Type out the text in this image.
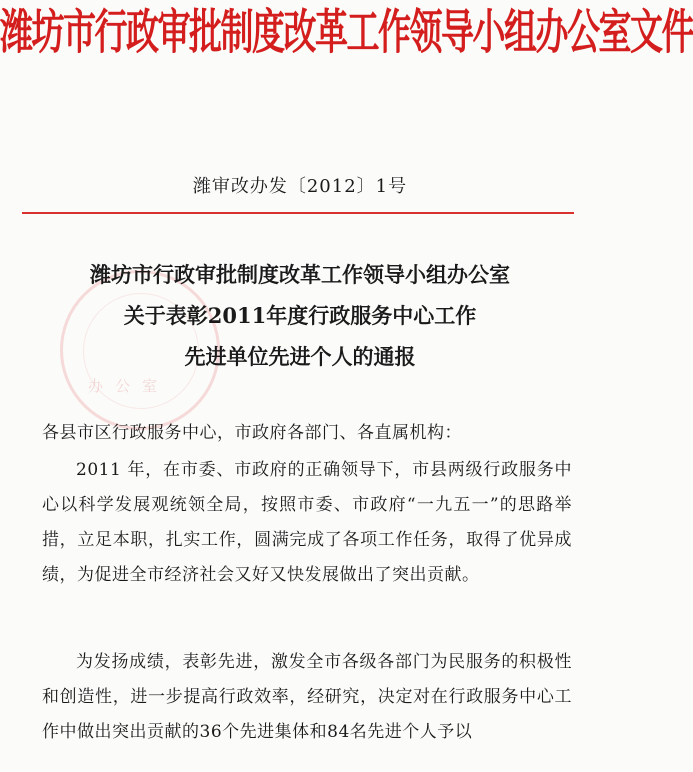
潍坊市行政审批制度改革工作领导小组办公室文件
潍审改办发〔2012〕1号
办公室
潍坊市行政审批制度改革工作领导小组办公室
关于表彰2011年度行政服务中心工作
先进单位先进个人的通报
各县市区行政服务中心，市政府各部门、各直属机构：
2011 年，在市委、市政府的正确领导下，市县两级行政服务中心以科学发展观统领全局，按照市委、市政府“一九五一”的思路举措，立足本职，扎实工作，圆满完成了各项工作任务，取得了优异成绩，为促进全市经济社会又好又快发展做出了突出贡献。
为发扬成绩，表彰先进，激发全市各级各部门为民服务的积极性和创造性，进一步提高行政效率，经研究，决定对在行政服务中心工作中做出突出贡献的36个先进集体和84名先进个人予以
